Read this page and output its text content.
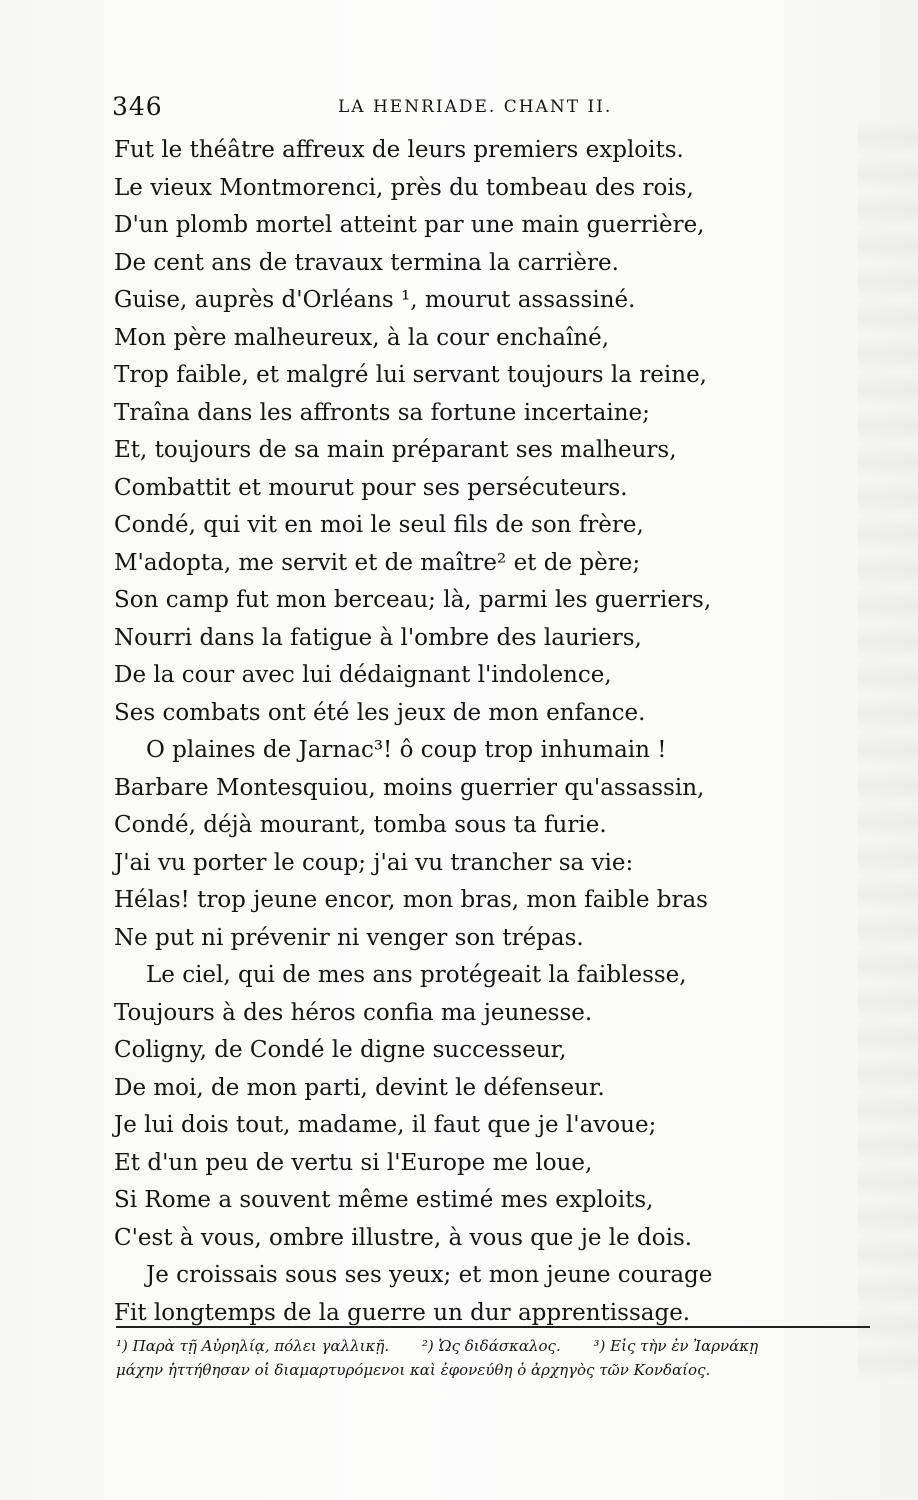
346	LA HENRIADE. CHANT II.
Fut le théâtre affreux de leurs premiers exploits.
Le vieux Montmorenci, près du tombeau des rois,
D'un plomb mortel atteint par une main guerrière,
De cent ans de travaux termina la carrière.
Guise, auprès d'Orléans ¹, mourut assassiné.
Mon père malheureux, à la cour enchaîné,
Trop faible, et malgré lui servant toujours la reine,
Traîna dans les affronts sa fortune incertaine;
Et, toujours de sa main préparant ses malheurs,
Combattit et mourut pour ses persécuteurs.
Condé, qui vit en moi le seul fils de son frère,
M'adopta, me servit et de maître² et de père;
Son camp fut mon berceau; là, parmi les guerriers,
Nourri dans la fatigue à l'ombre des lauriers,
De la cour avec lui dédaignant l'indolence,
Ses combats ont été les jeux de mon enfance.
O plaines de Jarnac³! ô coup trop inhumain !
Barbare Montesquiou, moins guerrier qu'assassin,
Condé, déjà mourant, tomba sous ta furie.
J'ai vu porter le coup; j'ai vu trancher sa vie:
Hélas! trop jeune encor, mon bras, mon faible bras
Ne put ni prévenir ni venger son trépas.
Le ciel, qui de mes ans protégeait la faiblesse,
Toujours à des héros confia ma jeunesse.
Coligny, de Condé le digne successeur,
De moi, de mon parti, devint le défenseur.
Je lui dois tout, madame, il faut que je l'avoue;
Et d'un peu de vertu si l'Europe me loue,
Si Rome a souvent même estimé mes exploits,
C'est à vous, ombre illustre, à vous que je le dois.
Je croissais sous ses yeux; et mon jeune courage
Fit longtemps de la guerre un dur apprentissage.
¹) Παρὰ τῇ Αὐρηλίᾳ, πόλει γαλλικῇ. ²) Ὡς διδάσκαλος. ³) Εἰς τὴν ἐν Ἰαρνάκῃ
μάχην ἡττήθησαν οἱ διαμαρτυρόμενοι καὶ ἐφονεύθη ὁ ἀρχηγὸς τῶν Κονδαίος.
